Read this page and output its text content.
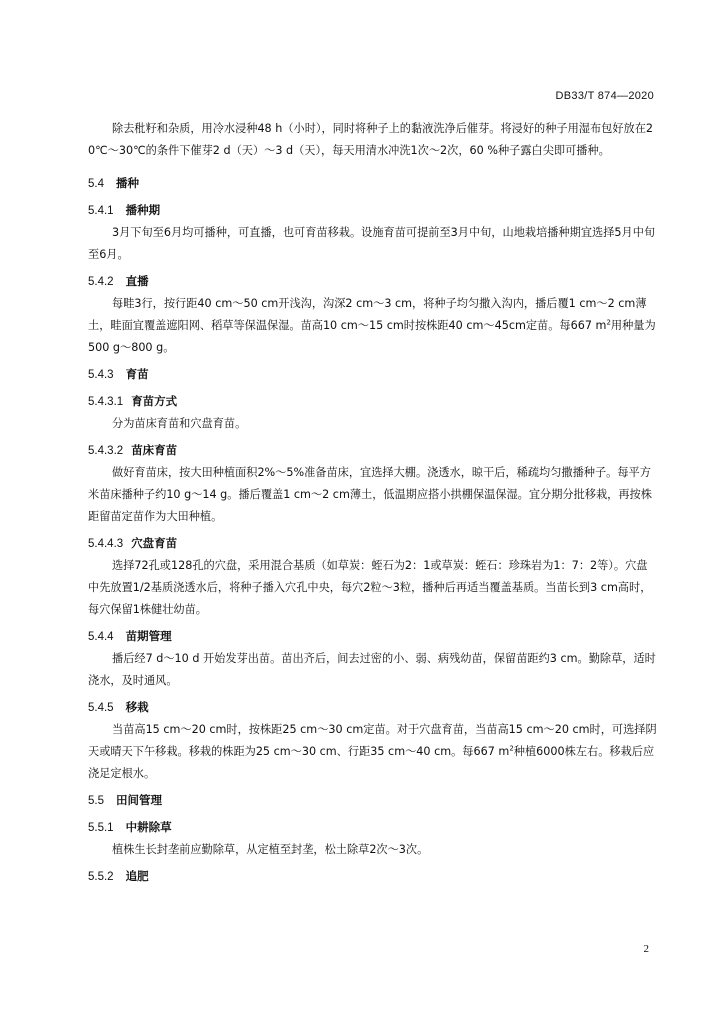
DB33/T 874—2020

除去秕籽和杂质，用冷水浸种48 h（小时），同时将种子上的黏液洗净后催芽。将浸好的种子用湿布包好放在20℃～30℃的条件下催芽2 d（天）～3 d（天），每天用清水冲洗1次～2次，60 %种子露白尖即可播种。

5.4 播种
5.4.1 播种期

3月下旬至6月均可播种，可直播，也可育苗移栽。设施育苗可提前至3月中旬，山地栽培播种期宜选择5月中旬至6月。

5.4.2 直播

每畦3行，按行距40 cm～50 cm开浅沟，沟深2 cm～3 cm，将种子均匀撒入沟内，播后覆1 cm～2 cm薄土，畦面宜覆盖遮阳网、稻草等保温保湿。苗高10 cm～15 cm时按株距40 cm～45cm定苗。每667 $m^2$用种量为500 g～800 g。

5.4.3 育苗
5.4.3.1 育苗方式

分为苗床育苗和穴盘育苗。

5.4.3.2 苗床育苗

做好育苗床，按大田种植面积2%～5%准备苗床，宜选择大棚。浇透水，晾干后，稀疏均匀撒播种子。每平方米苗床播种子约10 g～14 g。播后覆盖1 cm～2 cm薄土，低温期应搭小拱棚保温保湿。宜分期分批移栽，再按株距留苗定苗作为大田种植。

5.4.4.3 穴盘育苗

选择72孔或128孔的穴盘，采用混合基质（如草炭：蛭石为2：1或草炭：蛭石：珍珠岩为1：7：2等）。穴盘中先放置1/2基质浇透水后，将种子播入穴孔中央，每穴2粒～3粒，播种后再适当覆盖基质。当苗长到3 cm高时，每穴保留1株健壮幼苗。

5.4.4 苗期管理

播后经7 d～10 d 开始发芽出苗。苗出齐后，间去过密的小、弱、病残幼苗，保留苗距约3 cm。勤除草，适时浇水，及时通风。

5.4.5 移栽

当苗高15 cm～20 cm时，按株距25 cm～30 cm定苗。对于穴盘育苗，当苗高15 cm～20 cm时，可选择阴天或晴天下午移栽。移栽的株距为25 cm～30 cm、行距35 cm～40 cm。每667 $m^2$种植6000株左右。移栽后应浇足定根水。

5.5 田间管理
5.5.1 中耕除草

植株生长封垄前应勤除草，从定植至封垄，松土除草2次～3次。

5.5.2 追肥
2
